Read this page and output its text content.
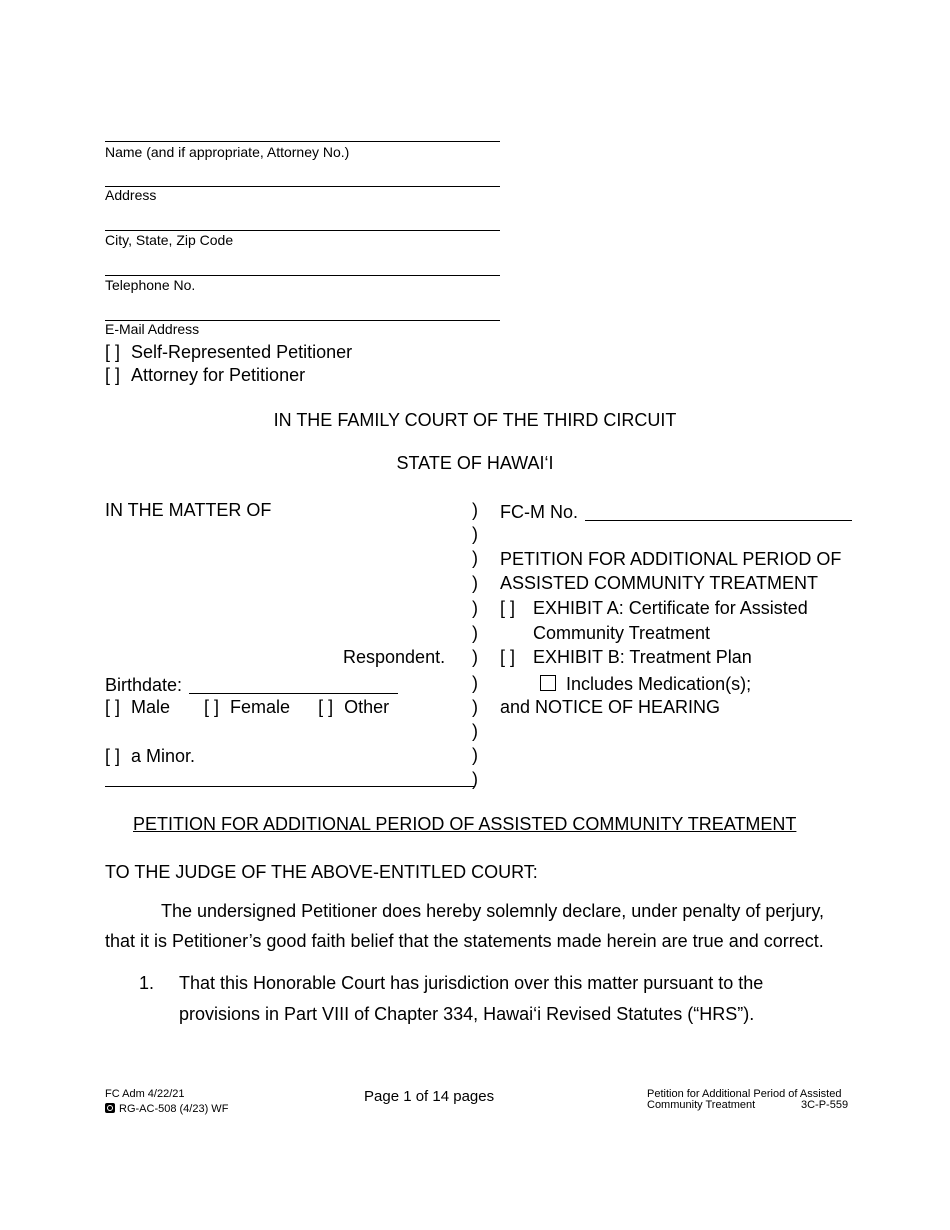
Name (and if appropriate, Attorney No.)
Address
City, State, Zip Code
Telephone No.
E-Mail Address
[ ] Self-Represented Petitioner
[ ] Attorney for Petitioner
IN THE FAMILY COURT OF THE THIRD CIRCUIT
STATE OF HAWAI‘I
IN THE MATTER OF
Respondent.
Birthdate:
[ ] Male [ ] Female [ ] Other
[ ] a Minor.
)
)
)
)
)
)
)
)
)
)
)
)
FC-M No.
PETITION FOR ADDITIONAL PERIOD OF
ASSISTED COMMUNITY TREATMENT
[ ] EXHIBIT A: Certificate for Assisted
Community Treatment
[ ] EXHIBIT B: Treatment Plan
Includes Medication(s);
and NOTICE OF HEARING
PETITION FOR ADDITIONAL PERIOD OF ASSISTED COMMUNITY TREATMENT
TO THE JUDGE OF THE ABOVE-ENTITLED COURT:
The undersigned Petitioner does hereby solemnly declare, under penalty of perjury,
that it is Petitioner’s good faith belief that the statements made herein are true and correct.
1. That this Honorable Court has jurisdiction over this matter pursuant to the
provisions in Part VIII of Chapter 334, Hawai‘i Revised Statutes (“HRS”).
FC Adm 4/22/21
RG-AC-508 (4/23) WF
Page 1 of 14 pages	Petition for Additional Period of Assisted
Community Treatment	3C-P-559
